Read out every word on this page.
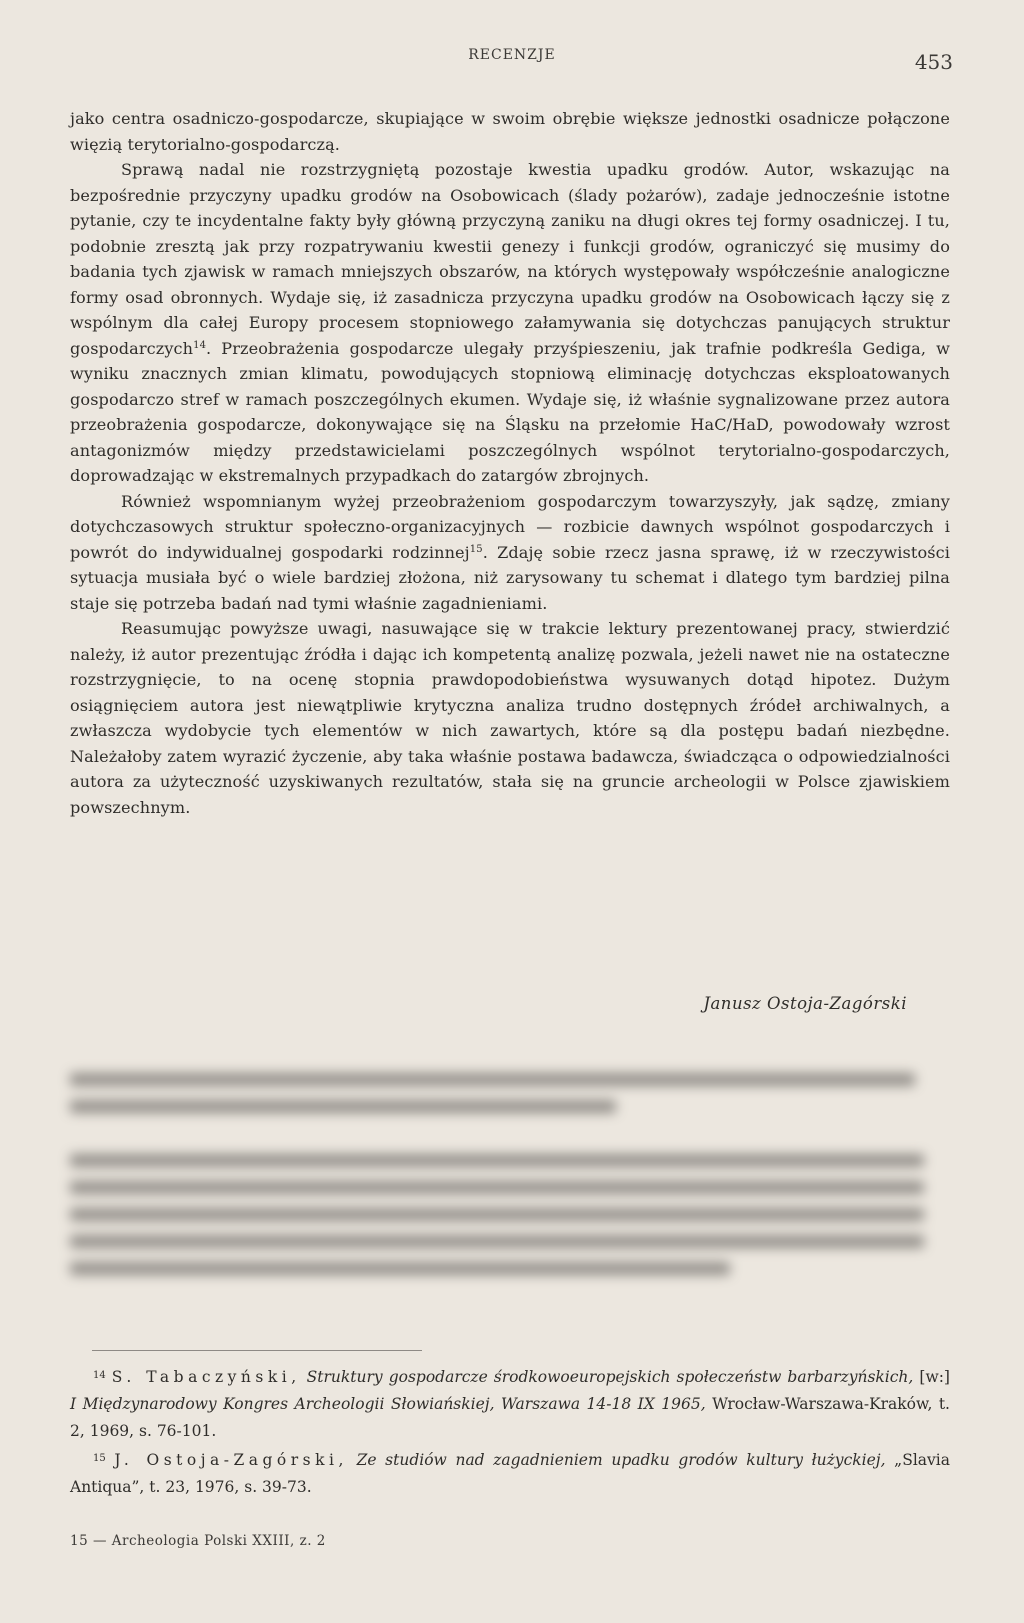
RECENZJE	453

jako centra osadniczo-gospodarcze, skupiające w swoim obrębie większe jednostki osadnicze połączone więzią terytorialno-gospodarczą.

Sprawą nadal nie rozstrzygniętą pozostaje kwestia upadku grodów. Autor, wskazując na bezpośrednie przyczyny upadku grodów na Osobowicach (ślady pożarów), zadaje jednocześnie istotne pytanie, czy te incydentalne fakty były główną przyczyną zaniku na długi okres tej formy osadniczej. I tu, podobnie zresztą jak przy rozpatrywaniu kwestii genezy i funkcji grodów, ograniczyć się musimy do badania tych zjawisk w ramach mniejszych obszarów, na których występowały współcześnie analogiczne formy osad obronnych. Wydaje się, iż zasadnicza przyczyna upadku grodów na Osobowicach łączy się z wspólnym dla całej Europy procesem stopniowego załamywania się dotychczas panujących struktur gospodarczych$^{14}$. Przeobrażenia gospodarcze ulegały przyśpieszeniu, jak trafnie podkreśla Gediga, w wyniku znacznych zmian klimatu, powodujących stopniową eliminację dotychczas eksploatowanych gospodarczo stref w ramach poszczególnych ekumen. Wydaje się, iż właśnie sygnalizowane przez autora przeobrażenia gospodarcze, dokonywające się na Śląsku na przełomie HaC/HaD, powodowały wzrost antagonizmów między przedstawicielami poszczególnych wspólnot terytorialno-gospodarczych, doprowadzając w ekstremalnych przypadkach do zatargów zbrojnych.

Również wspomnianym wyżej przeobrażeniom gospodarczym towarzyszyły, jak sądzę, zmiany dotychczasowych struktur społeczno-organizacyjnych — rozbicie dawnych wspólnot gospodarczych i powrót do indywidualnej gospodarki rodzinnej$^{15}$. Zdaję sobie rzecz jasna sprawę, iż w rzeczywistości sytuacja musiała być o wiele bardziej złożona, niż zarysowany tu schemat i dlatego tym bardziej pilna staje się potrzeba badań nad tymi właśnie zagadnieniami.

Reasumując powyższe uwagi, nasuwające się w trakcie lektury prezentowanej pracy, stwierdzić należy, iż autor prezentując źródła i dając ich kompetentą analizę pozwala, jeżeli nawet nie na ostateczne rozstrzygnięcie, to na ocenę stopnia prawdopodobieństwa wysuwanych dotąd hipotez. Dużym osiągnięciem autora jest niewątpliwie krytyczna analiza trudno dostępnych źródeł archiwalnych, a zwłaszcza wydobycie tych elementów w nich zawartych, które są dla postępu badań niezbędne. Należałoby zatem wyrazić życzenie, aby taka właśnie postawa badawcza, świadcząca o odpowiedzialności autora za użyteczność uzyskiwanych rezultatów, stała się na gruncie archeologii w Polsce zjawiskiem powszechnym.

Janusz Ostoja-Zagórski

$^{14}$ S. Tabaczyński, Struktury gospodarcze środkowoeuropejskich społeczeństw barbarzyńskich, [w:] I Międzynarodowy Kongres Archeologii Słowiańskiej, Warszawa 14-18 IX 1965, Wrocław-Warszawa-Kraków, t. 2, 1969, s. 76-101.

$^{15}$ J. Ostoja-Zagórski, Ze studiów nad zagadnieniem upadku grodów kultury łużyckiej, „Slavia Antiqua”, t. 23, 1976, s. 39-73.

15 — Archeologia Polski XXIII, z. 2
